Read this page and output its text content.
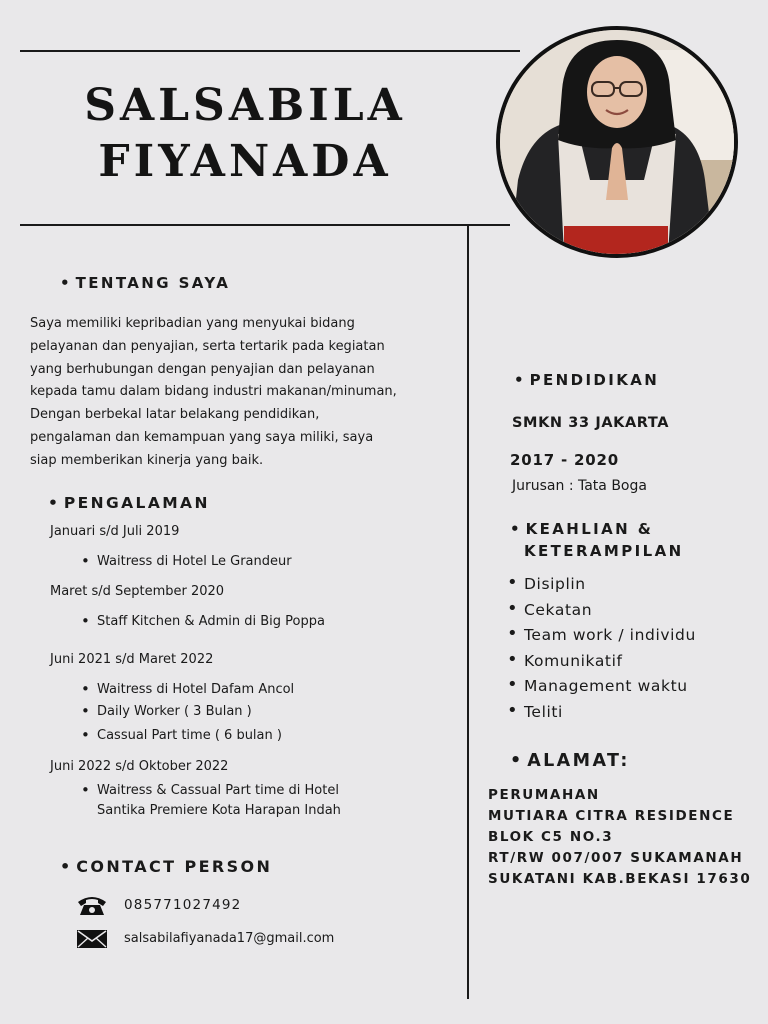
SALSABILA
FIYANADA
• TENTANG SAYA
Saya memiliki kepribadian yang menyukai bidang
pelayanan dan penyajian, serta tertarik pada kegiatan
yang berhubungan dengan penyajian dan pelayanan
kepada tamu dalam bidang industri makanan/minuman,
Dengan berbekal latar belakang pendidikan,
pengalaman dan kemampuan yang saya miliki, saya
siap memberikan kinerja yang baik.
• PENGALAMAN
Januari s/d Juli 2019
• Waitress di Hotel Le Grandeur
Maret s/d September 2020
• Staff Kitchen & Admin di Big Poppa
Juni 2021 s/d Maret 2022
• Waitress di Hotel Dafam Ancol
• Daily Worker ( 3 Bulan )
• Cassual Part time ( 6 bulan )
Juni 2022 s/d Oktober 2022
• Waitress & Cassual Part time di Hotel
Santika Premiere Kota Harapan Indah
• CONTACT PERSON
085771027492
salsabilafiyanada17@gmail.com
• PENDIDIKAN
SMKN 33 JAKARTA
2017 - 2020
Jurusan : Tata Boga
• KEAHLIAN &
KETERAMPILAN
• Disiplin
• Cekatan
• Team work / individu
• Komunikatif
• Management waktu
• Teliti
• ALAMAT:
PERUMAHAN
MUTIARA CITRA RESIDENCE
BLOK C5 NO.3
RT/RW 007/007 SUKAMANAH
SUKATANI KAB.BEKASI 17630
